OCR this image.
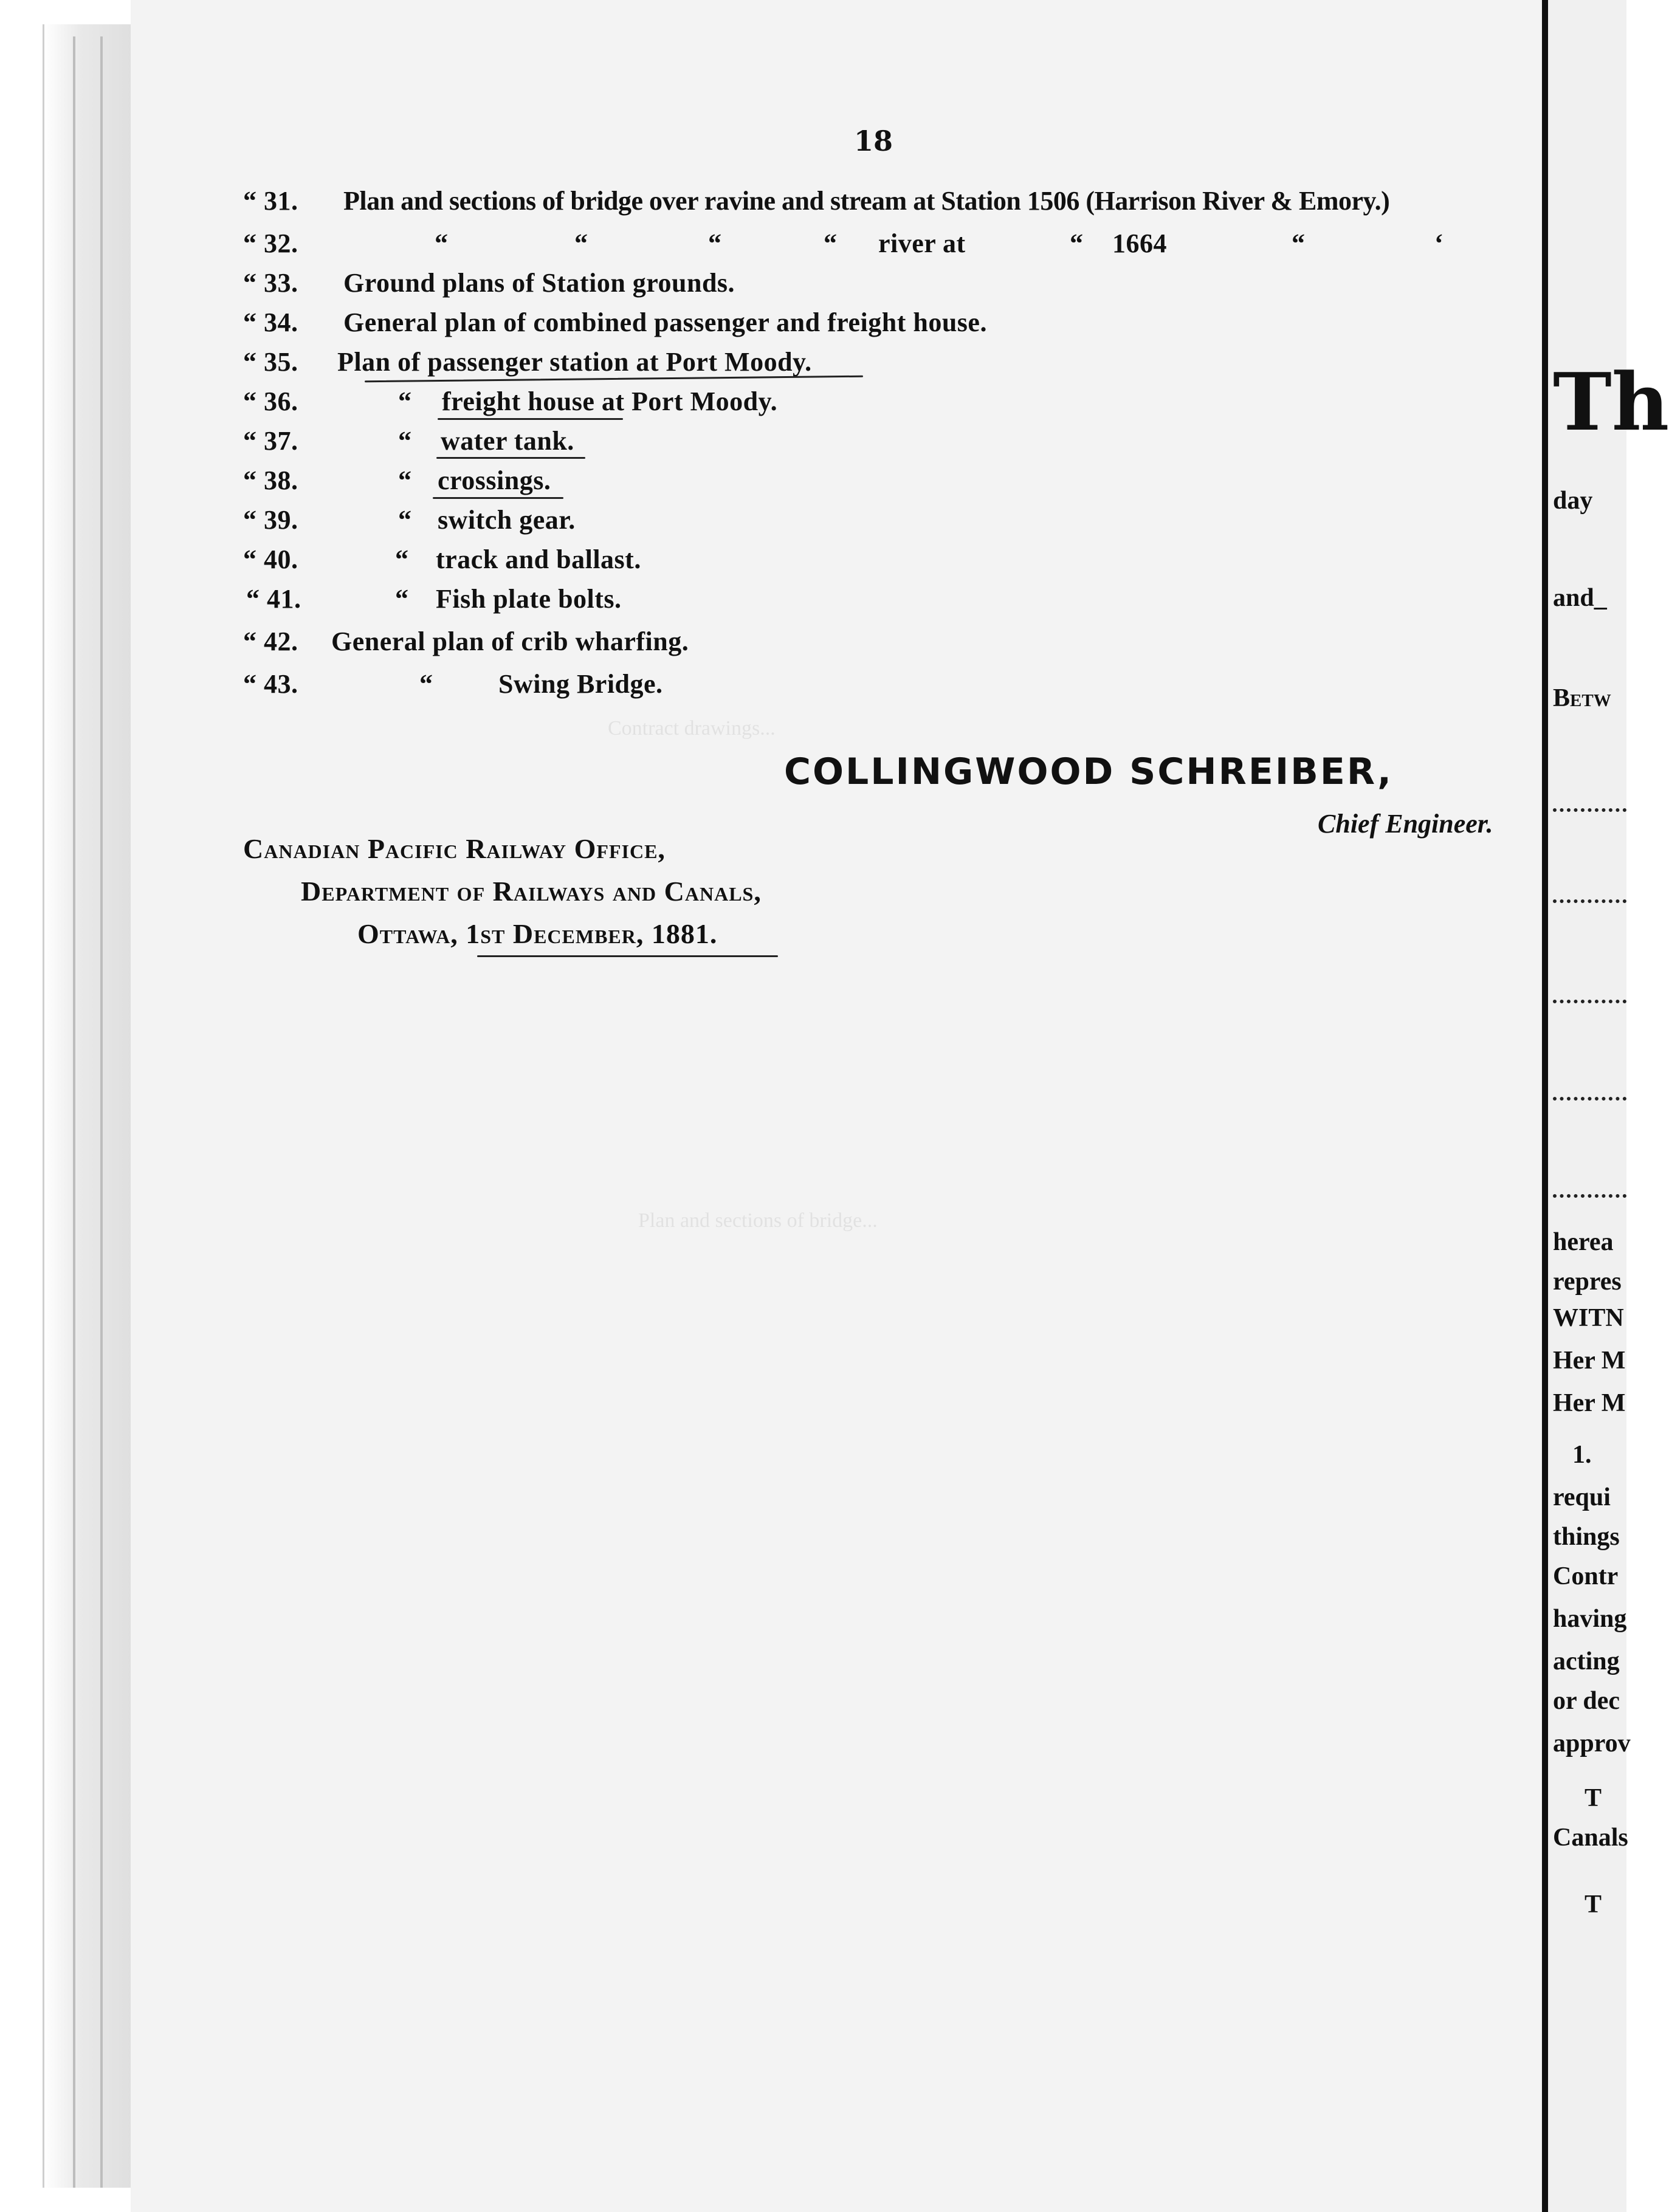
Contract drawings...
Plan and sections of bridge...
18
“ 31. Plan and sections of bridge over ravine and stream at Station 1506 (Harrison River & Emory.)
“ 32.	“	“	“	“ river at	“ 1664	“	‘
“ 33. Ground plans of Station grounds.
“ 34. General plan of combined passenger and freight house.
“ 35. Plan of passenger station at Port Moody.
“ 36.	“ freight house at Port Moody.
“ 37.	“ water tank.
“ 38.	“ crossings.
“ 39.	“ switch gear.
“ 40.	“ track and ballast.
“ 41.	“ Fish plate bolts.
“ 42. General plan of crib wharfing.
“ 43.	“ Swing Bridge.
COLLINGWOOD SCHREIBER,
Chief Engineer.
Canadian Pacific Railway Office,
Department of Railways and Canals,
Ottawa, 1st December, 1881.
Th
day
and_
Betw
herea
repres
WITN
Her M
Her M
1.
requi
things
Contr
having
acting
or dec
approv
T
Canals
T
